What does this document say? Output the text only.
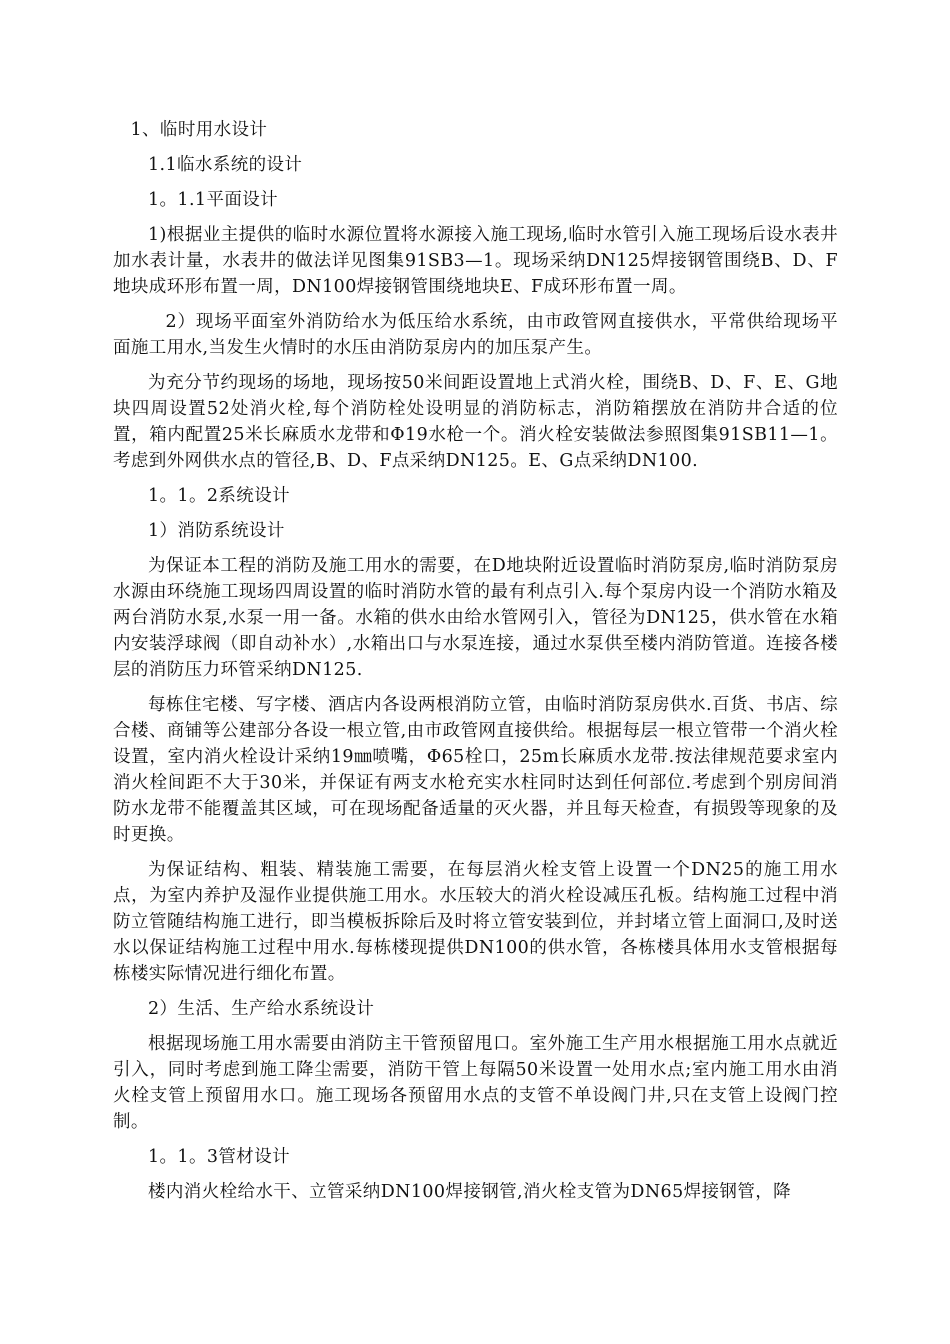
1、临时用水设计
1.1临水系统的设计
1。1.1平面设计
1)根据业主提供的临时水源位置将水源接入施工现场,临时水管引入施工现场后设水表井加水表计量，水表井的做法详见图集91SB3—1。现场采纳DN125焊接钢管围绕B、D、F地块成环形布置一周，DN100焊接钢管围绕地块E、F成环形布置一周。
2）现场平面室外消防给水为低压给水系统，由市政管网直接供水，平常供给现场平面施工用水,当发生火情时的水压由消防泵房内的加压泵产生。
为充分节约现场的场地，现场按50米间距设置地上式消火栓，围绕B、D、F、E、G地块四周设置52处消火栓,每个消防栓处设明显的消防标志，消防箱摆放在消防井合适的位置，箱内配置25米长麻质水龙带和Φ19水枪一个。消火栓安装做法参照图集91SB11—1。 考虑到外网供水点的管径,B、D、F点采纳DN125。E、G点采纳DN100.
1。1。2系统设计
1）消防系统设计
为保证本工程的消防及施工用水的需要，在D地块附近设置临时消防泵房,临时消防泵房水源由环绕施工现场四周设置的临时消防水管的最有利点引入.每个泵房内设一个消防水箱及两台消防水泵,水泵一用一备。水箱的供水由给水管网引入，管径为DN125，供水管在水箱内安装浮球阀（即自动补水）,水箱出口与水泵连接，通过水泵供至楼内消防管道。连接各楼层的消防压力环管采纳DN125.
每栋住宅楼、写字楼、酒店内各设两根消防立管，由临时消防泵房供水.百货、书店、综合楼、商铺等公建部分各设一根立管,由市政管网直接供给。根据每层一根立管带一个消火栓设置，室内消火栓设计采纳19㎜喷嘴，Φ65栓口，25m长麻质水龙带.按法律规范要求室内消火栓间距不大于30米，并保证有两支水枪充实水柱同时达到任何部位.考虑到个别房间消防水龙带不能覆盖其区域，可在现场配备适量的灭火器，并且每天检查，有损毁等现象的及时更换。
为保证结构、粗装、精装施工需要，在每层消火栓支管上设置一个DN25的施工用水点，为室内养护及湿作业提供施工用水。水压较大的消火栓设减压孔板。结构施工过程中消防立管随结构施工进行，即当模板拆除后及时将立管安装到位，并封堵立管上面洞口,及时送水以保证结构施工过程中用水.每栋楼现提供DN100的供水管，各栋楼具体用水支管根据每栋楼实际情况进行细化布置。
2）生活、生产给水系统设计
根据现场施工用水需要由消防主干管预留甩口。室外施工生产用水根据施工用水点就近引入，同时考虑到施工降尘需要，消防干管上每隔50米设置一处用水点;室内施工用水由消火栓支管上预留用水口。施工现场各预留用水点的支管不单设阀门井,只在支管上设阀门控制。
1。1。3管材设计
楼内消火栓给水干、立管采纳DN100焊接钢管,消火栓支管为DN65焊接钢管，降
